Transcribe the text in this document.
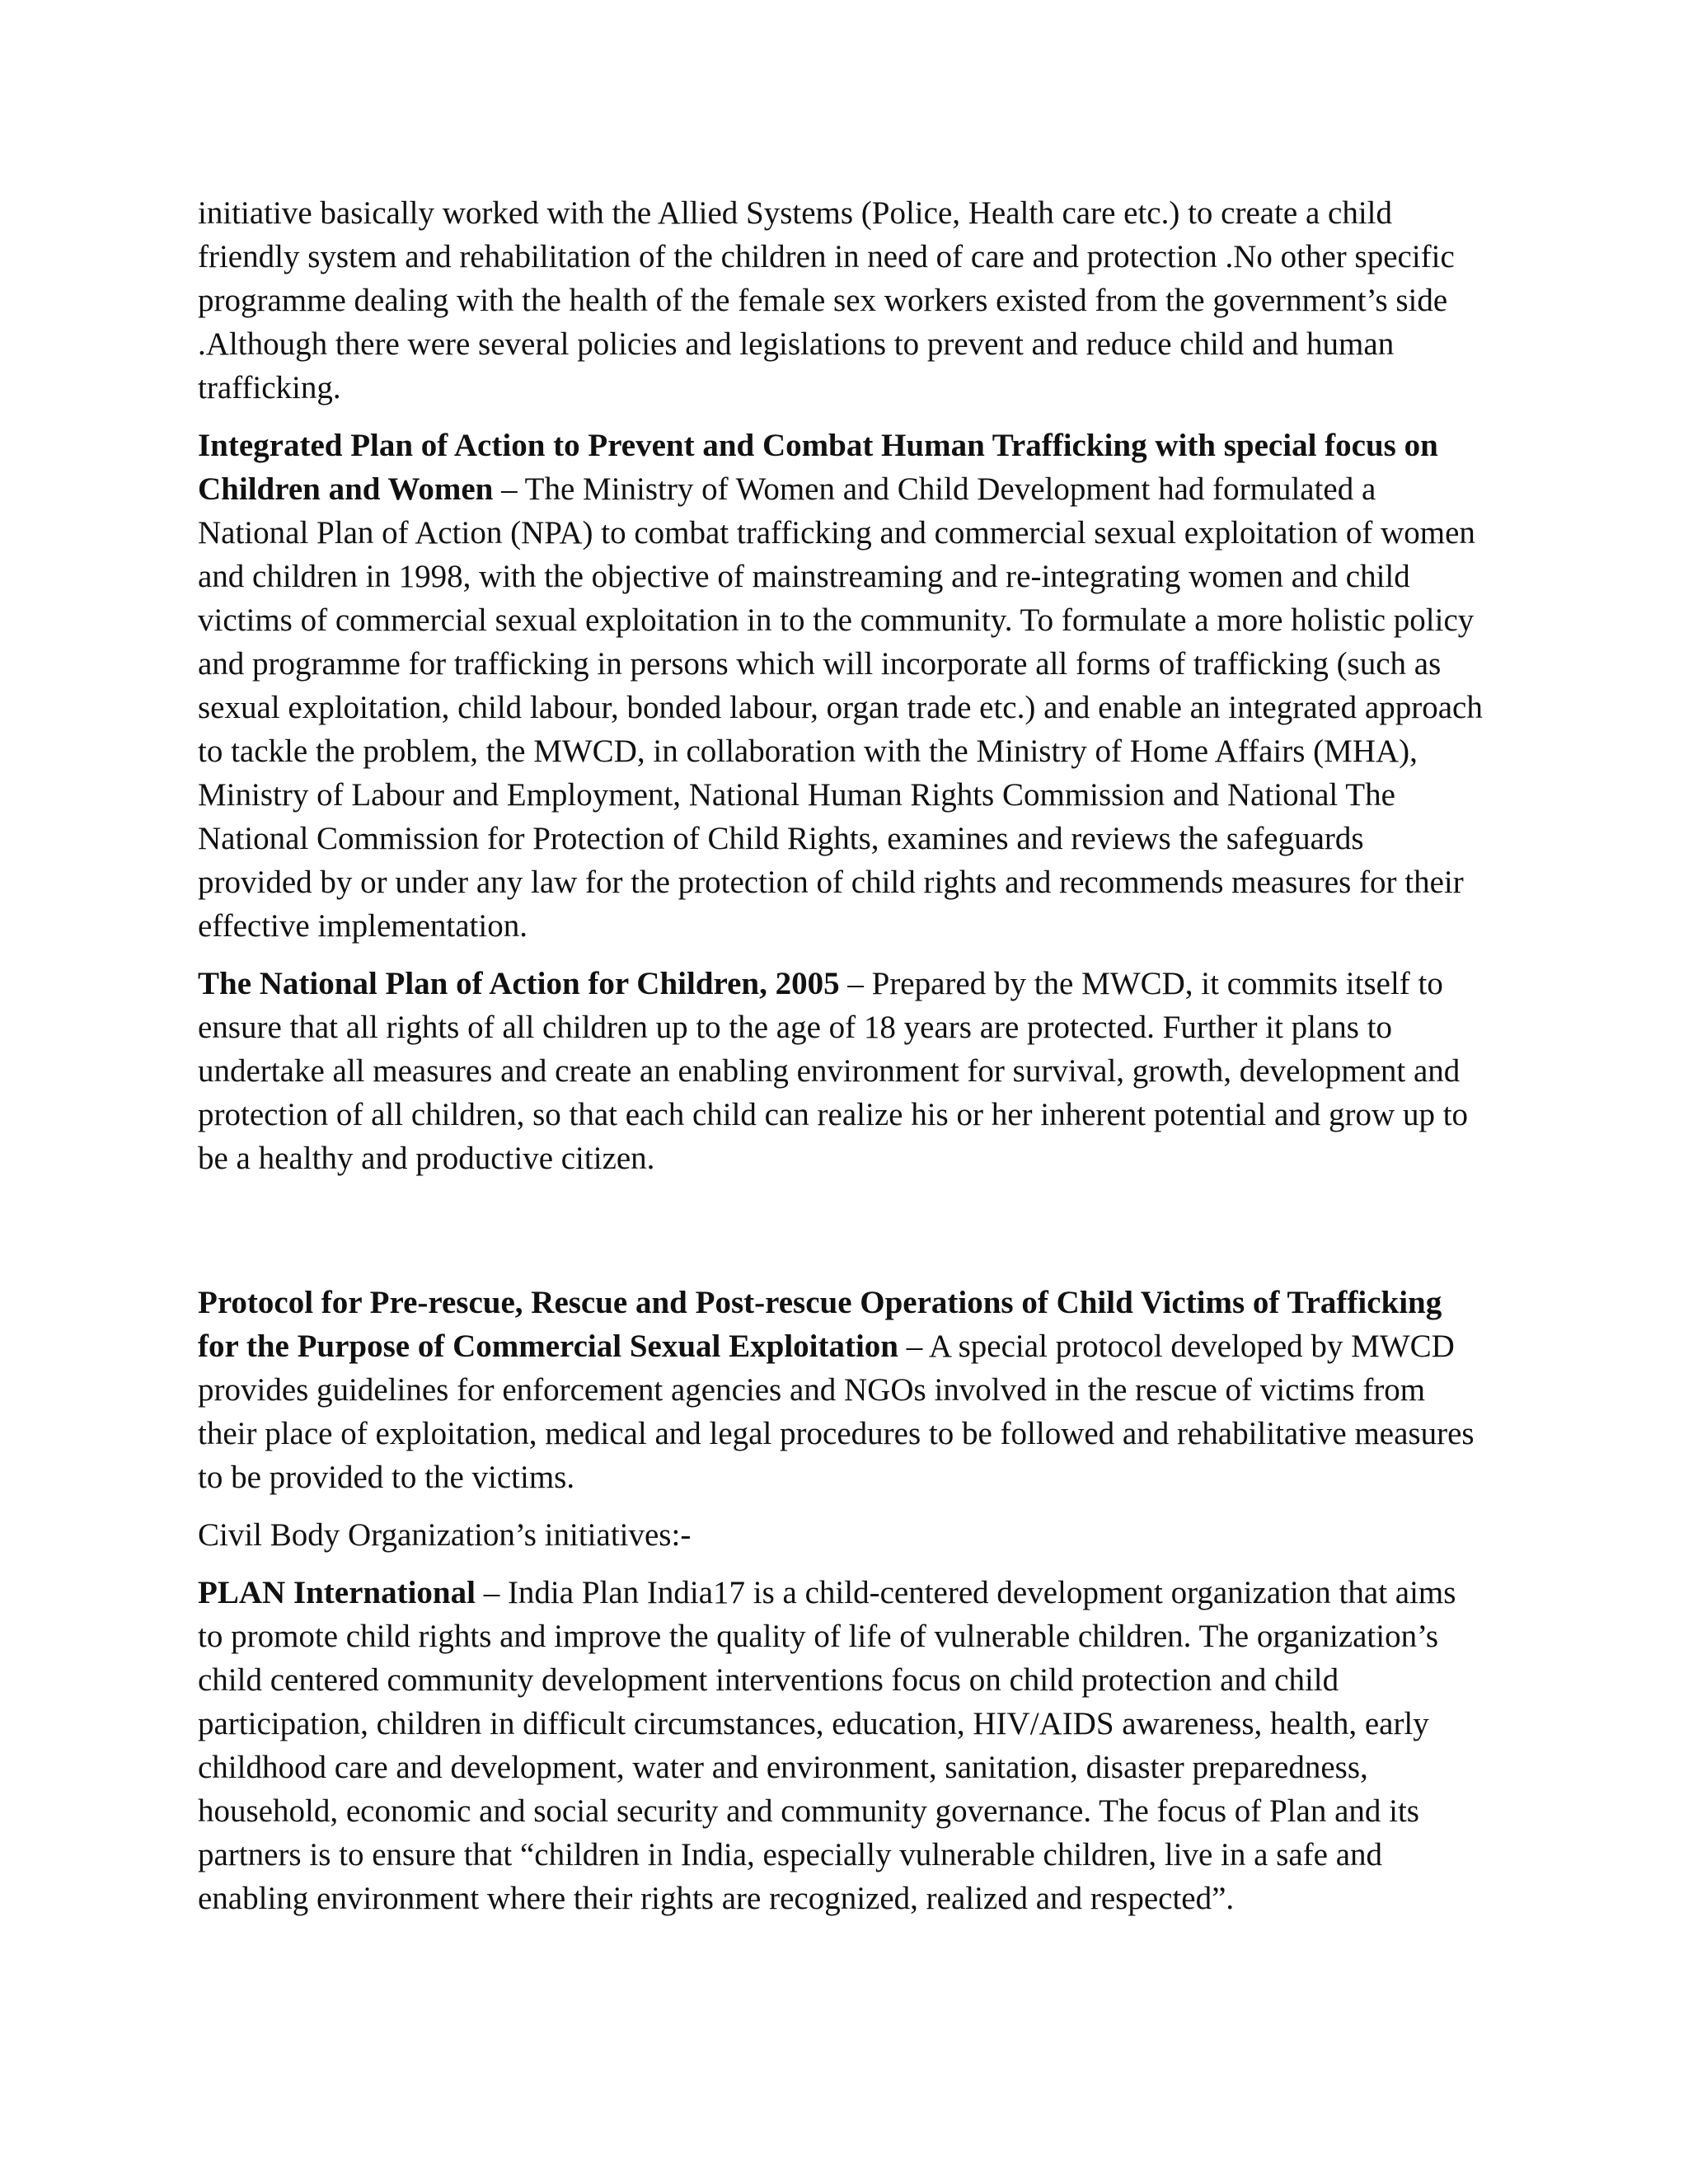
initiative basically worked with the Allied Systems (Police, Health care etc.) to create a child friendly system and rehabilitation of the children in need of care and protection .No other specific programme dealing with the health of the female sex workers existed from the government’s side .Although there were several policies and legislations to prevent and reduce child and human trafficking.

Integrated Plan of Action to Prevent and Combat Human Trafficking with special focus on Children and Women – The Ministry of Women and Child Development had formulated a National Plan of Action (NPA) to combat trafficking and commercial sexual exploitation of women and children in 1998, with the objective of mainstreaming and re-integrating women and child victims of commercial sexual exploitation in to the community. To formulate a more holistic policy and programme for trafficking in persons which will incorporate all forms of trafficking (such as sexual exploitation, child labour, bonded labour, organ trade etc.) and enable an integrated approach to tackle the problem, the MWCD, in collaboration with the Ministry of Home Affairs (MHA), Ministry of Labour and Employment, National Human Rights Commission and National The National Commission for Protection of Child Rights, examines and reviews the safeguards provided by or under any law for the protection of child rights and recommends measures for their effective implementation.

The National Plan of Action for Children, 2005 – Prepared by the MWCD, it commits itself to ensure that all rights of all children up to the age of 18 years are protected. Further it plans to undertake all measures and create an enabling environment for survival, growth, development and protection of all children, so that each child can realize his or her inherent potential and grow up to be a healthy and productive citizen.

Protocol for Pre-rescue, Rescue and Post-rescue Operations of Child Victims of Trafficking for the Purpose of Commercial Sexual Exploitation – A special protocol developed by MWCD provides guidelines for enforcement agencies and NGOs involved in the rescue of victims from their place of exploitation, medical and legal procedures to be followed and rehabilitative measures to be provided to the victims.

Civil Body Organization’s initiatives:-

PLAN International – India Plan India17 is a child-centered development organization that aims to promote child rights and improve the quality of life of vulnerable children. The organization’s child centered community development interventions focus on child protection and child participation, children in difficult circumstances, education, HIV/AIDS awareness, health, early childhood care and development, water and environment, sanitation, disaster preparedness, household, economic and social security and community governance. The focus of Plan and its partners is to ensure that “children in India, especially vulnerable children, live in a safe and enabling environment where their rights are recognized, realized and respected”.
